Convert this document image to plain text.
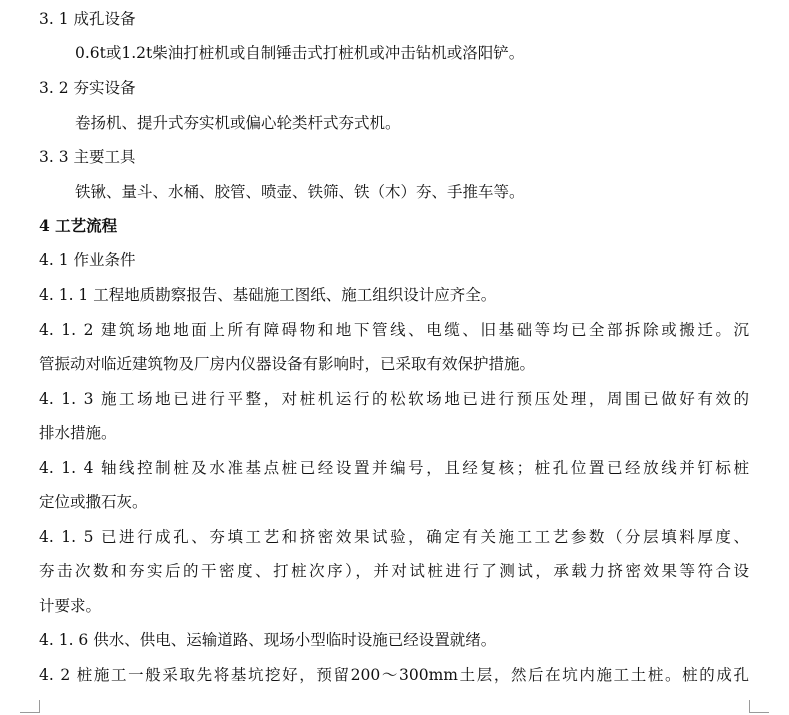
3. 1 成孔设备
0.6t或1.2t柴油打桩机或自制锤击式打桩机或冲击钻机或洛阳铲。
3. 2 夯实设备
卷扬机、提升式夯实机或偏心轮类杆式夯式机。
3. 3 主要工具
铁锹、量斗、水桶、胶管、喷壶、铁筛、铁（木）夯、手推车等。
4 工艺流程
4. 1 作业条件
4. 1. 1 工程地质勘察报告、基础施工图纸、施工组织设计应齐全。
4. 1. 2 建筑场地地面上所有障碍物和地下管线、电缆、旧基础等均已全部拆除或搬迁。沉
管振动对临近建筑物及厂房内仪器设备有影响时，已采取有效保护措施。
4. 1. 3 施工场地已进行平整，对桩机运行的松软场地已进行预压处理，周围已做好有效的
排水措施。
4. 1. 4 轴线控制桩及水准基点桩已经设置并编号，且经复核；桩孔位置已经放线并钉标桩
定位或撒石灰。
4. 1. 5 已进行成孔、夯填工艺和挤密效果试验，确定有关施工工艺参数（分层填料厚度、
夯击次数和夯实后的干密度、打桩次序），并对试桩进行了测试，承载力挤密效果等符合设
计要求。
4. 1. 6 供水、供电、运输道路、现场小型临时设施已经设置就绪。
4. 2 桩施工一般采取先将基坑挖好，预留200～300mm土层，然后在坑内施工土桩。桩的成孔
